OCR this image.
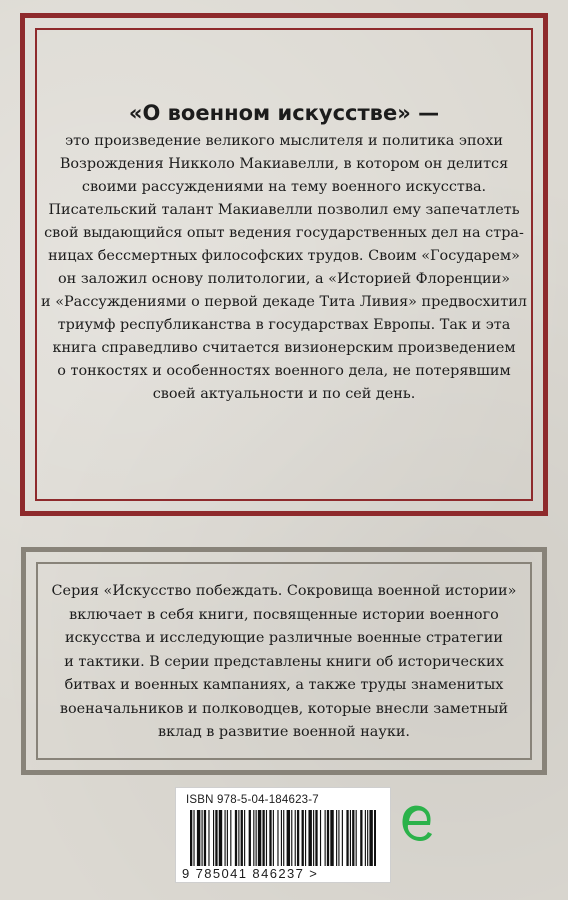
«О военном искусстве» —
это произведение великого мыслителя и политика эпохи
Возрождения Никколо Макиавелли, в котором он делится
своими рассуждениями на тему военного искусства.
Писательский талант Макиавелли позволил ему запечатлеть
свой выдающийся опыт ведения государственных дел на стра-
ницах бессмертных философских трудов. Своим «Государем»
он заложил основу политологии, а «Историей Флоренции»
и «Рассуждениями о первой декаде Тита Ливия» предвосхитил
триумф республиканства в государствах Европы. Так и эта
книга справедливо считается визионерским произведением
о тонкостях и особенностях военного дела, не потерявшим
своей актуальности и по сей день.
Серия «Искусство побеждать. Сокровища военной истории»
включает в себя книги, посвященные истории военного
искусства и исследующие различные военные стратегии
и тактики. В серии представлены книги об исторических
битвах и военных кампаниях, а также труды знаменитых
военачальников и полководцев, которые внесли заметный
вклад в развитие военной науки.
ISBN 978-5-04-184623-7
9 785041 846237 >
